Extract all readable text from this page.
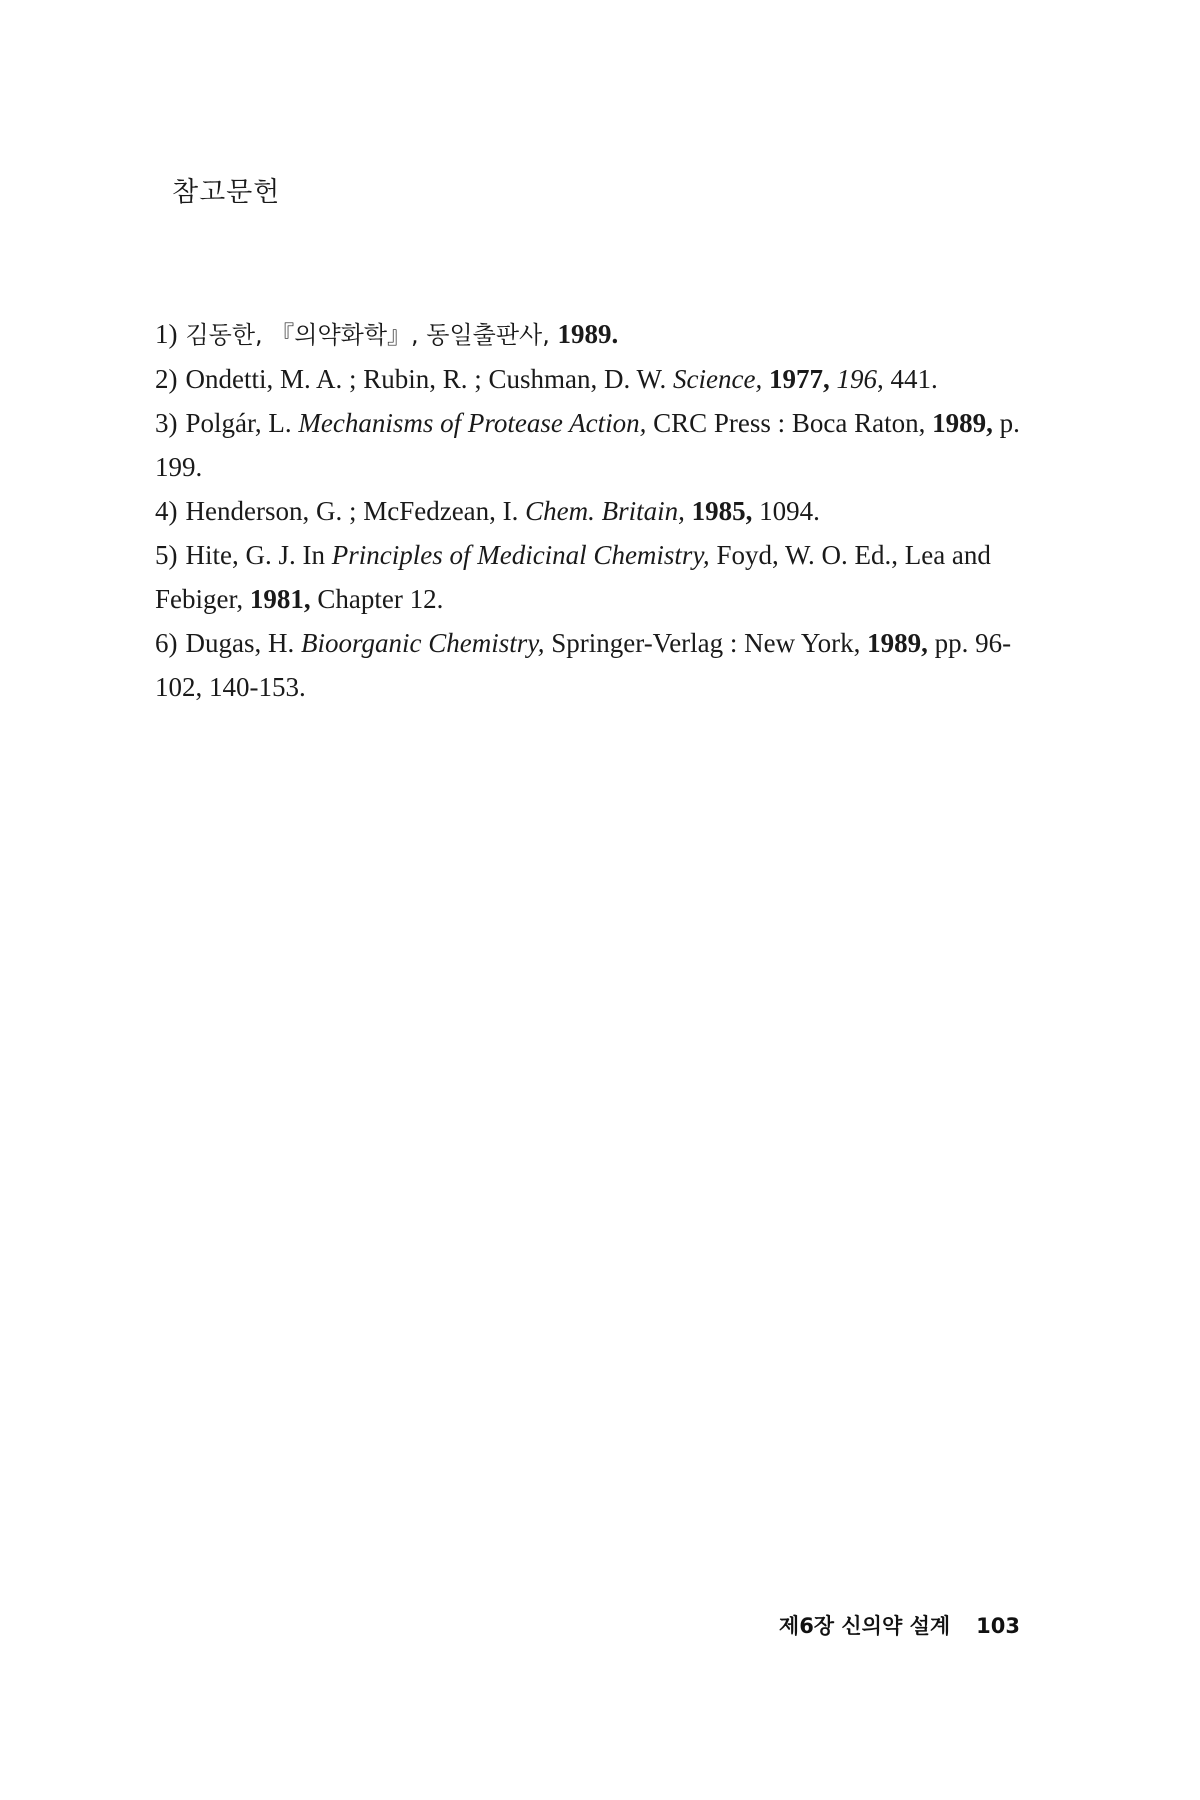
참고문헌
1) 김동한, 『의약화학』, 동일출판사, 1989.
2) Ondetti, M. A. ; Rubin, R. ; Cushman, D. W. Science, 1977, 196, 441.
3) Polgár, L. Mechanisms of Protease Action, CRC Press : Boca Raton, 1989, p. 199.
4) Henderson, G. ; McFedzean, I. Chem. Britain, 1985, 1094.
5) Hite, G. J. In Principles of Medicinal Chemistry, Foyd, W. O. Ed., Lea and Febiger, 1981, Chapter 12.
6) Dugas, H. Bioorganic Chemistry, Springer-Verlag : New York, 1989, pp. 96-102, 140-153.
제6장 신의약 설계 103
